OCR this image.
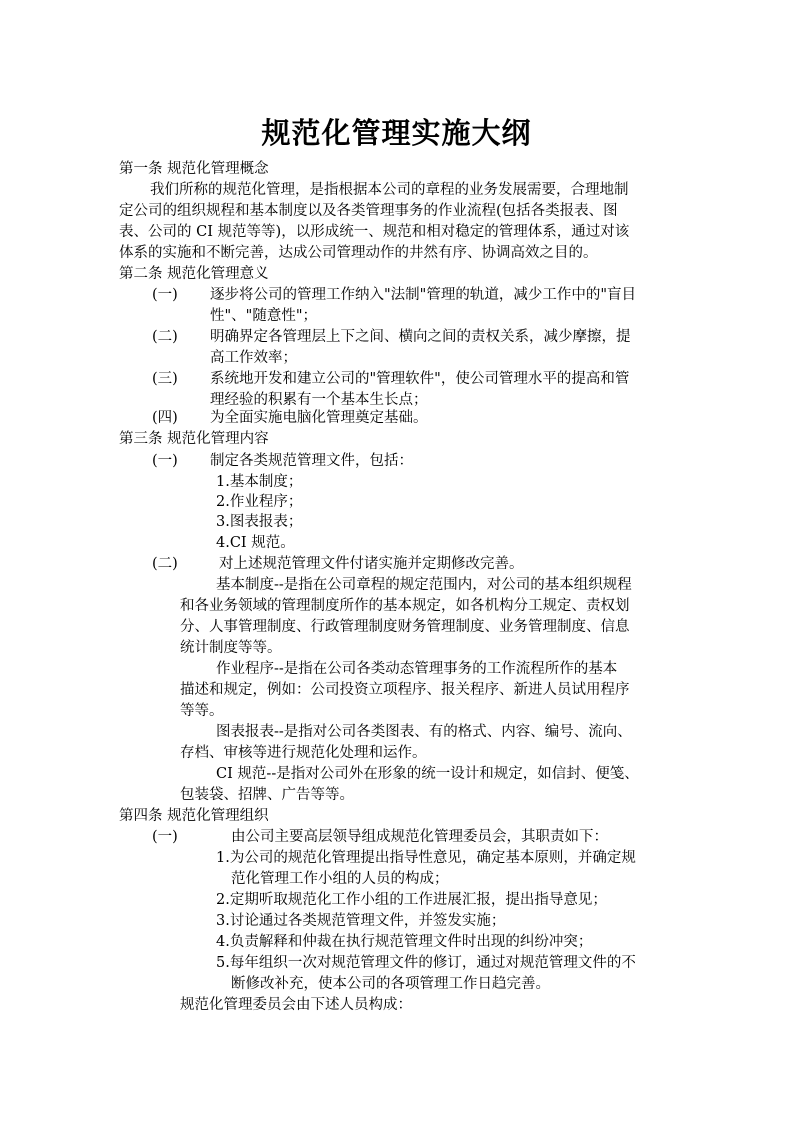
规范化管理实施大纲
第一条 规范化管理概念
我们所称的规范化管理，是指根据本公司的章程的业务发展需要，合理地制
定公司的组织规程和基本制度以及各类管理事务的作业流程(包括各类报表、图
表、公司的 CI 规范等等)，以形成统一、规范和相对稳定的管理体系，通过对该
体系的实施和不断完善，达成公司管理动作的井然有序、协调高效之目的。
第二条 规范化管理意义
(一) 逐步将公司的管理工作纳入"法制"管理的轨道，减少工作中的"盲目
性"、"随意性"；
(二) 明确界定各管理层上下之间、横向之间的责权关系，减少摩擦，提
高工作效率；
(三) 系统地开发和建立公司的"管理软件"，使公司管理水平的提高和管
理经验的积累有一个基本生长点；
(四) 为全面实施电脑化管理奠定基础。
第三条 规范化管理内容
(一) 制定各类规范管理文件，包括：
1.基本制度；
2.作业程序；
3.图表报表；
4.CI 规范。
(二)	对上述规范管理文件付诸实施并定期修改完善。
基本制度--是指在公司章程的规定范围内，对公司的基本组织规程
和各业务领域的管理制度所作的基本规定，如各机构分工规定、责权划
分、人事管理制度、行政管理制度财务管理制度、业务管理制度、信息
统计制度等等。
作业程序--是指在公司各类动态管理事务的工作流程所作的基本
描述和规定，例如：公司投资立项程序、报关程序、新进人员试用程序
等等。
图表报表--是指对公司各类图表、有的格式、内容、编号、流向、
存档、审核等进行规范化处理和运作。
CI 规范--是指对公司外在形象的统一设计和规定，如信封、便笺、
包装袋、招牌、广告等等。
第四条 规范化管理组织
(一)	由公司主要高层领导组成规范化管理委员会，其职责如下：
1.为公司的规范化管理提出指导性意见，确定基本原则，并确定规
范化管理工作小组的人员的构成；
2.定期听取规范化工作小组的工作进展汇报，提出指导意见；
3.讨论通过各类规范管理文件，并签发实施；
4.负责解释和仲裁在执行规范管理文件时出现的纠纷冲突；
5.每年组织一次对规范管理文件的修订，通过对规范管理文件的不
断修改补充，使本公司的各项管理工作日趋完善。
规范化管理委员会由下述人员构成：
